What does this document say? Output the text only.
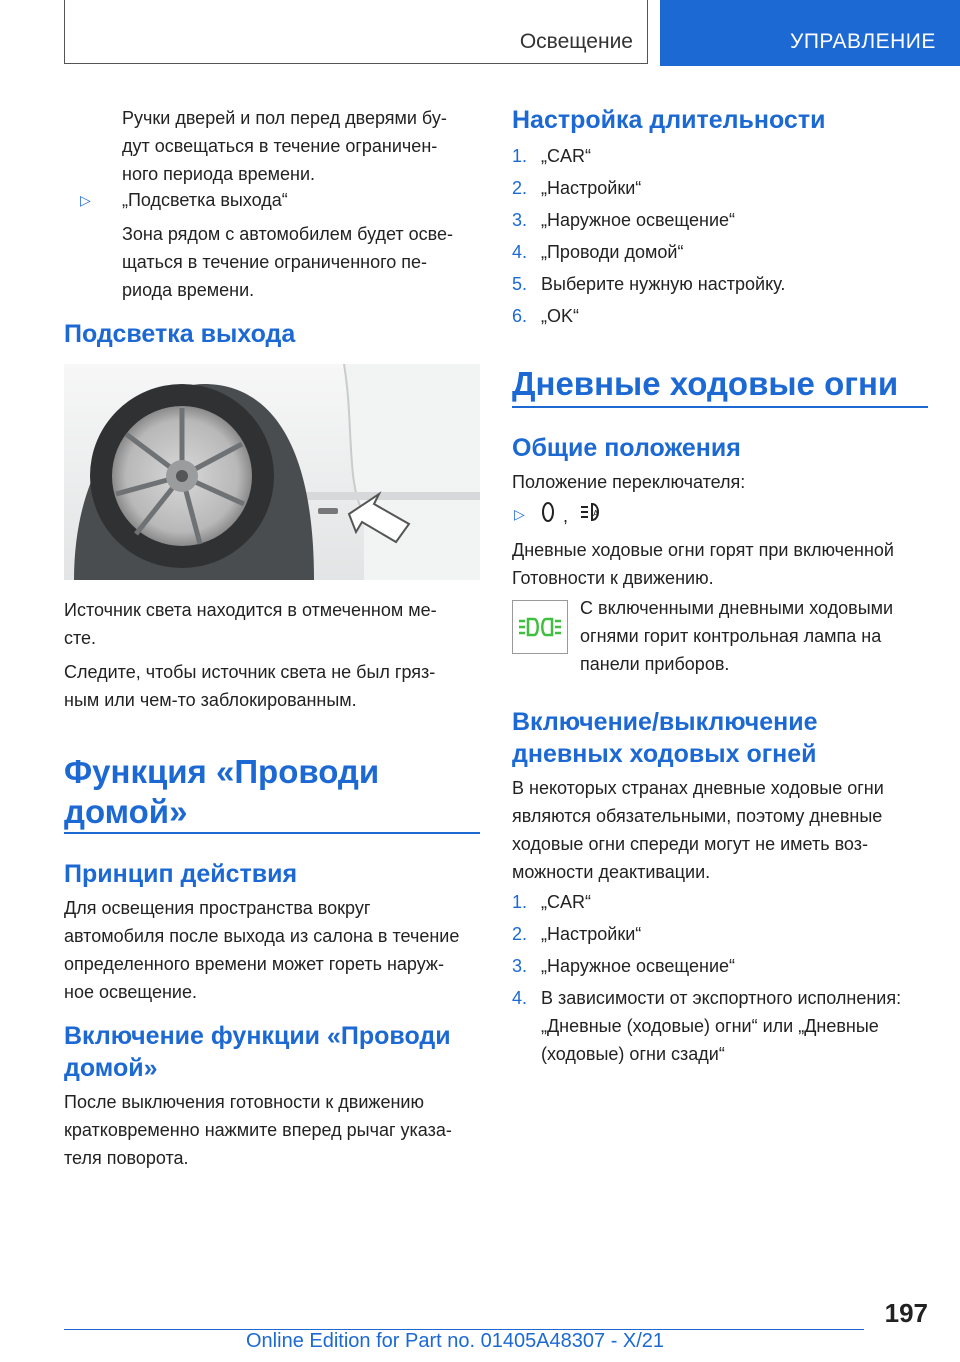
Освещение	УПРАВЛЕНИЕ
Ручки дверей и пол перед дверями бу-
дут освещаться в течение ограничен-
ного периода времени.
▷ „Подсветка выхода“
Зона рядом с автомобилем будет осве-
щаться в течение ограниченного пе-
риода времени.
Подсветка выхода
Источник света находится в отмеченном ме-
сте.
Следите, чтобы источник света не был гряз-
ным или чем-то заблокированным.
Функция «Проводи
домой»
Принцип действия
Для освещения пространства вокруг
автомобиля после выхода из салона в течение
определенного времени может гореть наруж-
ное освещение.
Включение функции «Проводи
домой»
После выключения готовности к движению
кратковременно нажмите вперед рычаг указа-
теля поворота.
Настройка длительности
1. „CAR“
2. „Настройки“
3. „Наружное освещение“
4. „Проводи домой“
5. Выберите нужную настройку.
6. „OK“
Дневные ходовые огни
Общие положения
Положение переключателя:
▷ ,	A
Дневные ходовые огни горят при включенной
Готовности к движению.
С включенными дневными ходовыми
огнями горит контрольная лампа на
панели приборов.
Включение/выключение
дневных ходовых огней
В некоторых странах дневные ходовые огни
являются обязательными, поэтому дневные
ходовые огни спереди могут не иметь воз-
можности деактивации.
1. „CAR“
2. „Настройки“
3. „Наружное освещение“
4. В зависимости от экспортного исполнения:
„Дневные (ходовые) огни“ или „Дневные
(ходовые) огни сзади“
197
Online Edition for Part no. 01405A48307 - X/21
